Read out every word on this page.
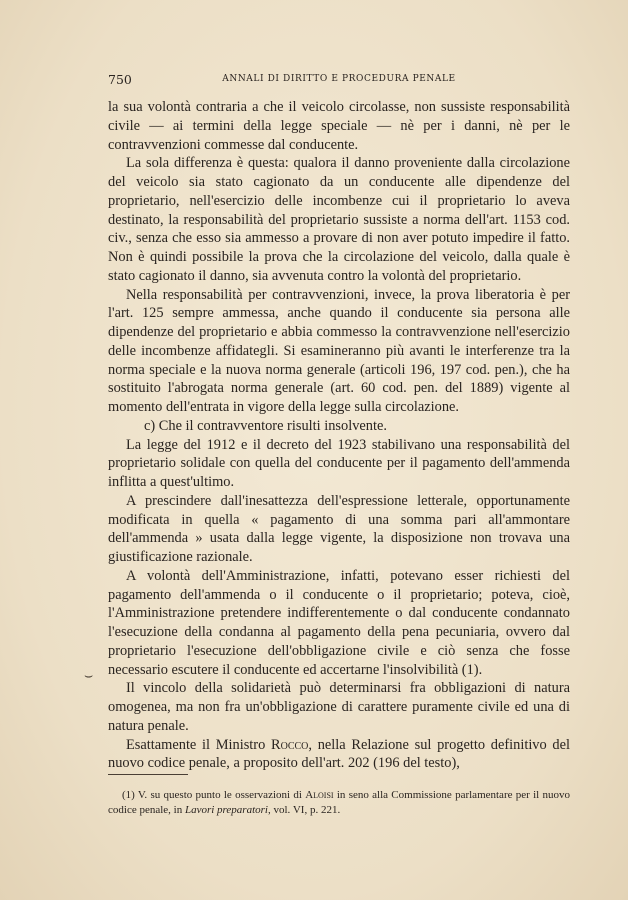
750	ANNALI DI DIRITTO E PROCEDURA PENALE

la sua volontà contraria a che il veicolo circolasse, non sussiste responsabilità civile — ai termini della legge speciale — nè per i danni, nè per le contravvenzioni commesse dal conducente.

La sola differenza è questa: qualora il danno proveniente dalla circolazione del veicolo sia stato cagionato da un conducente alle dipendenze del proprietario, nell'esercizio delle incombenze cui il proprietario lo aveva destinato, la responsabilità del proprietario sussiste a norma dell'art. 1153 cod. civ., senza che esso sia ammesso a provare di non aver potuto impedire il fatto. Non è quindi possibile la prova che la circolazione del veicolo, dalla quale è stato cagionato il danno, sia avvenuta contro la volontà del proprietario.

Nella responsabilità per contravvenzioni, invece, la prova liberatoria è per l'art. 125 sempre ammessa, anche quando il conducente sia persona alle dipendenze del proprietario e abbia commesso la contravvenzione nell'esercizio delle incombenze affidategli. Si esamineranno più avanti le interferenze tra la norma speciale e la nuova norma generale (articoli 196, 197 cod. pen.), che ha sostituito l'abrogata norma generale (art. 60 cod. pen. del 1889) vigente al momento dell'entrata in vigore della legge sulla circolazione.

c) Che il contravventore risulti insolvente.

La legge del 1912 e il decreto del 1923 stabilivano una responsabilità del proprietario solidale con quella del conducente per il pagamento dell'ammenda inflitta a quest'ultimo.

A prescindere dall'inesattezza dell'espressione letterale, opportunamente modificata in quella « pagamento di una somma pari all'ammontare dell'ammenda » usata dalla legge vigente, la disposizione non trovava una giustificazione razionale.

A volontà dell'Amministrazione, infatti, potevano esser richiesti del pagamento dell'ammenda o il conducente o il proprietario; poteva, cioè, l'Amministrazione pretendere indifferentemente o dal conducente condannato l'esecuzione della condanna al pagamento della pena pecuniaria, ovvero dal proprietario l'esecuzione dell'obbligazione civile e ciò senza che fosse necessario escutere il conducente ed accertarne l'insolvibilità (1).

Il vincolo della solidarietà può determinarsi fra obbligazioni di natura omogenea, ma non fra un'obbligazione di carattere puramente civile ed una di natura penale.

Esattamente il Ministro Rocco, nella Relazione sul progetto definitivo del nuovo codice penale, a proposito dell'art. 202 (196 del testo),

⌣

(1) V. su questo punto le osservazioni di Aloisi in seno alla Commissione parlamentare per il nuovo codice penale, in Lavori preparatori, vol. VI, p. 221.
